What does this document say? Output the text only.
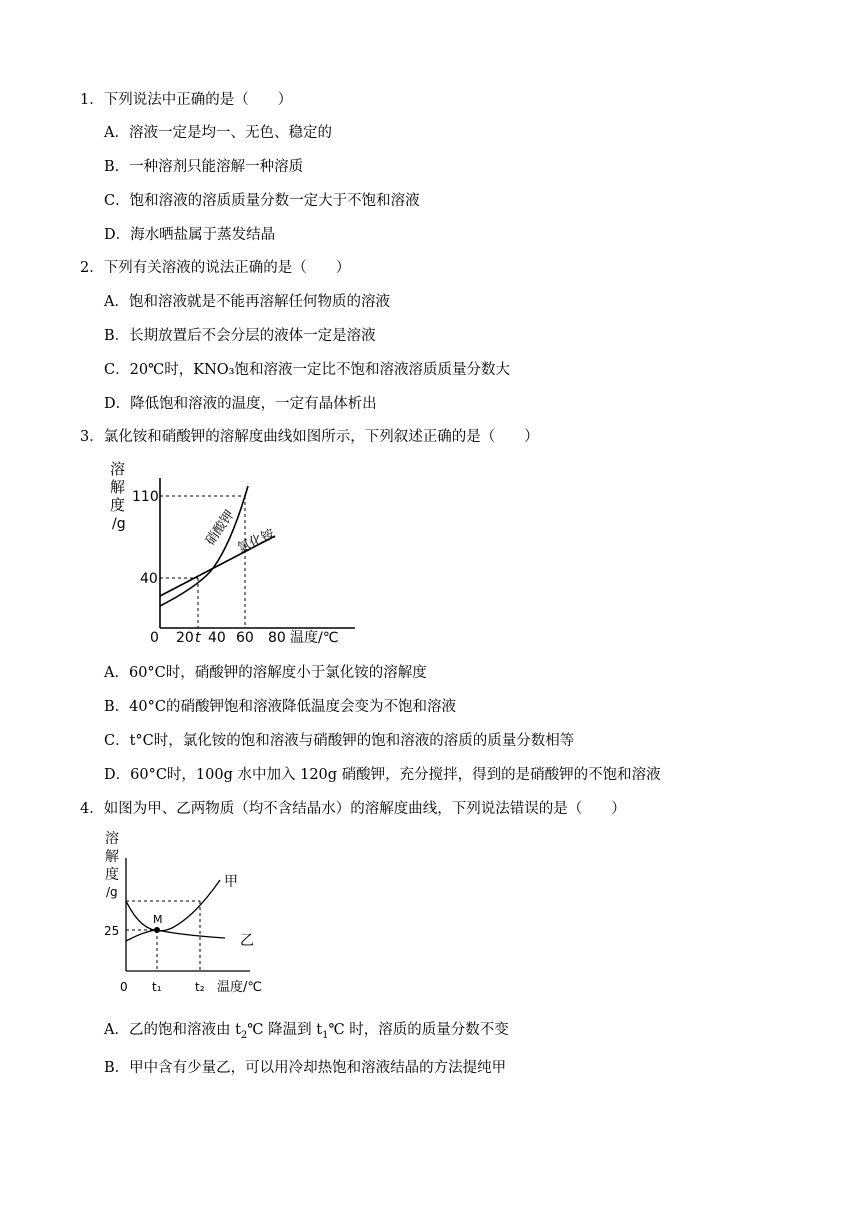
1．下列说法中正确的是（　　）
A．溶液一定是均一、无色、稳定的
B．一种溶剂只能溶解一种溶质
C．饱和溶液的溶质质量分数一定大于不饱和溶液
D．海水晒盐属于蒸发结晶
2．下列有关溶液的说法正确的是（　　）
A．饱和溶液就是不能再溶解任何物质的溶液
B．长期放置后不会分层的液体一定是溶液
C．20℃时，KNO₃饱和溶液一定比不饱和溶液溶质质量分数大
D．降低饱和溶液的温度，一定有晶体析出
3．氯化铵和硝酸钾的溶解度曲线如图所示，下列叙述正确的是（　　）
溶
解
度
/g
110
40
0 20 t 40 60 80 温度/℃
硝酸钾
氯化铵
A．60°C时，硝酸钾的溶解度小于氯化铵的溶解度
B．40°C的硝酸钾饱和溶液降低温度会变为不饱和溶液
C．t°C时，氯化铵的饱和溶液与硝酸钾的饱和溶液的溶质的质量分数相等
D．60°C时，100g 水中加入 120g 硝酸钾，充分搅拌，得到的是硝酸钾的不饱和溶液
4．如图为甲、乙两物质（均不含结晶水）的溶解度曲线，下列说法错误的是（　　）
溶
解
度
/g
25
M
0 t₁	t₂ 温度/℃
甲
乙
A．乙的饱和溶液由 $t_2℃$ 降温到 $t_1℃$ 时，溶质的质量分数不变
B．甲中含有少量乙，可以用冷却热饱和溶液结晶的方法提纯甲
